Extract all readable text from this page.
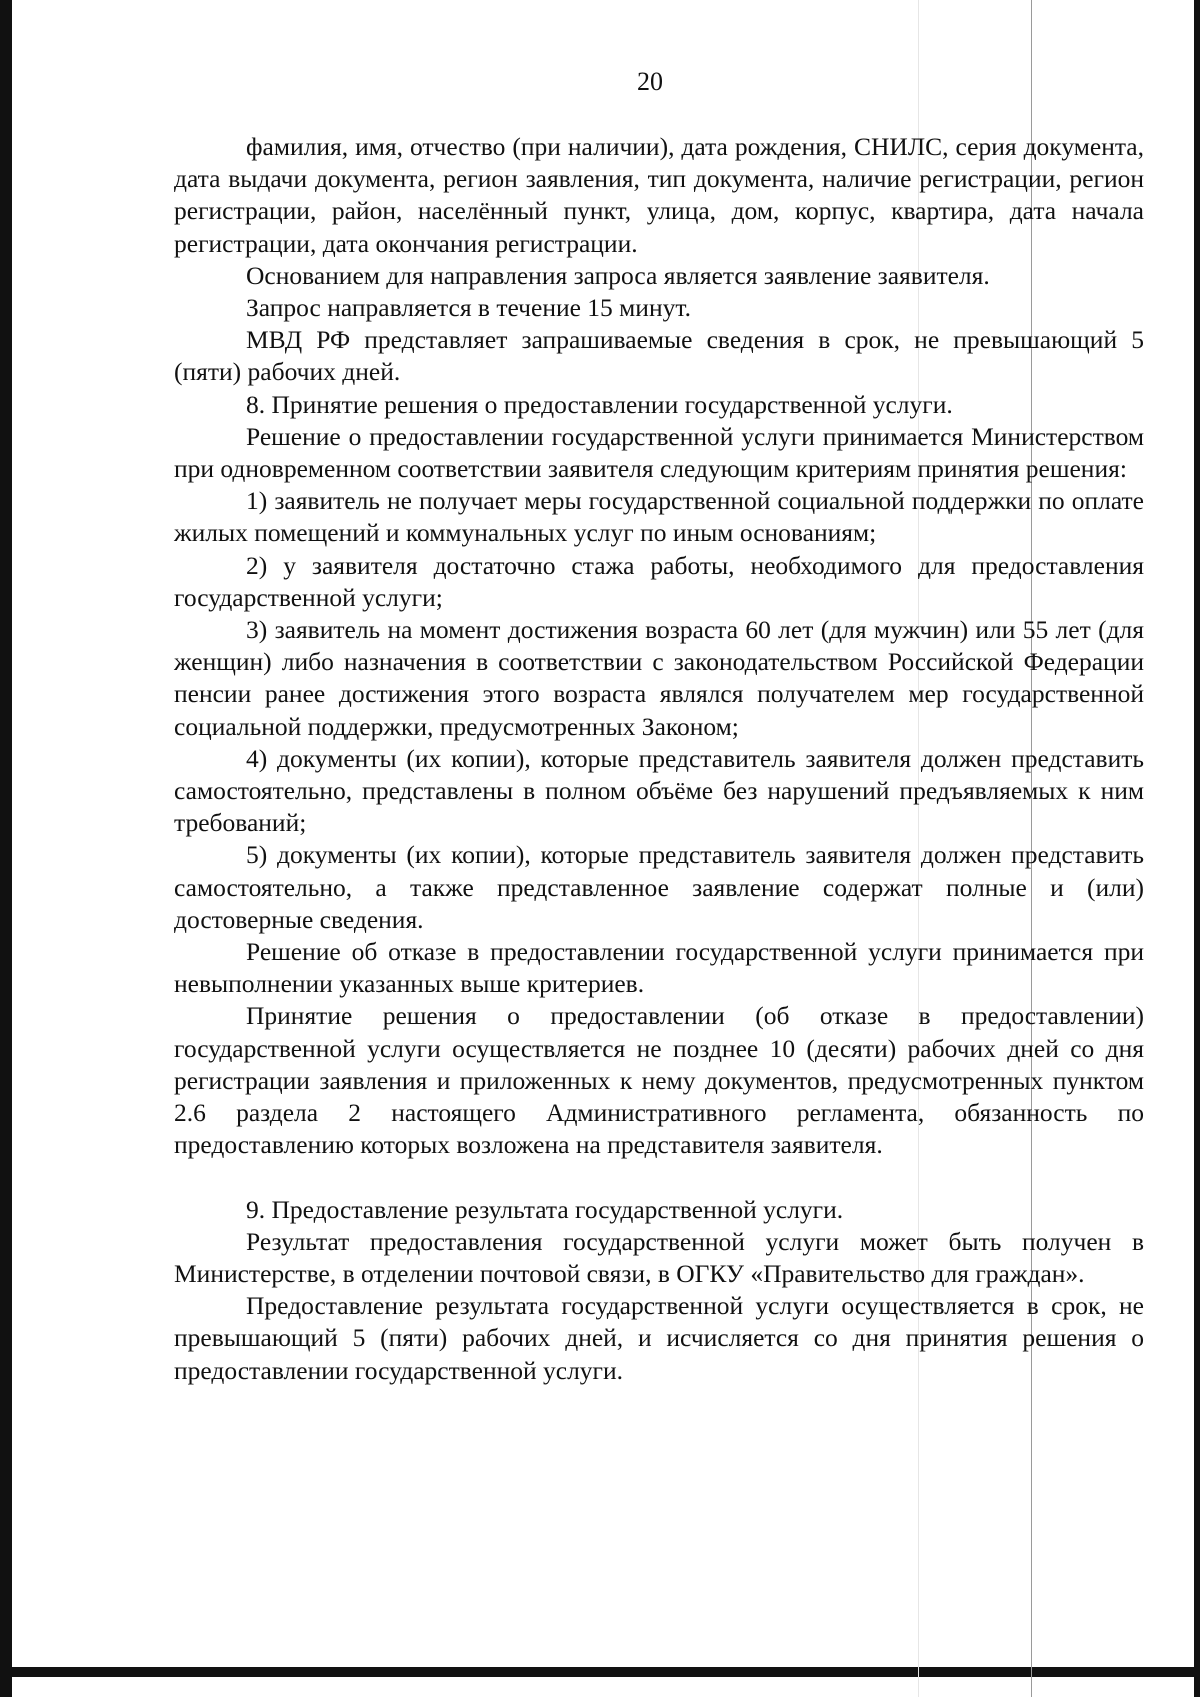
20

фамилия, имя, отчество (при наличии), дата рождения, СНИЛС, серия документа, дата выдачи документа, регион заявления, тип документа, наличие регистрации, регион регистрации, район, населённый пункт, улица, дом, корпус, квартира, дата начала регистрации, дата окончания регистрации.

Основанием для направления запроса является заявление заявителя.

Запрос направляется в течение 15 минут.

МВД РФ представляет запрашиваемые сведения в срок, не превышающий 5 (пяти) рабочих дней.

8. Принятие решения о предоставлении государственной услуги.

Решение о предоставлении государственной услуги принимается Министерством при одновременном соответствии заявителя следующим критериям принятия решения:

1) заявитель не получает меры государственной социальной поддержки по оплате жилых помещений и коммунальных услуг по иным основаниям;

2) у заявителя достаточно стажа работы, необходимого для предоставления государственной услуги;

3) заявитель на момент достижения возраста 60 лет (для мужчин) или 55 лет (для женщин) либо назначения в соответствии с законодательством Российской Федерации пенсии ранее достижения этого возраста являлся получателем мер государственной социальной поддержки, предусмотренных Законом;

4) документы (их копии), которые представитель заявителя должен представить самостоятельно, представлены в полном объёме без нарушений предъявляемых к ним требований;

5) документы (их копии), которые представитель заявителя должен представить самостоятельно, а также представленное заявление содержат полные и (или) достоверные сведения.

Решение об отказе в предоставлении государственной услуги принимается при невыполнении указанных выше критериев.

Принятие решения о предоставлении (об отказе в предоставлении) государственной услуги осуществляется не позднее 10 (десяти) рабочих дней со дня регистрации заявления и приложенных к нему документов, предусмотренных пунктом 2.6 раздела 2 настоящего Административного регламента, обязанность по предоставлению которых возложена на представителя заявителя.

9. Предоставление результата государственной услуги.

Результат предоставления государственной услуги может быть получен в Министерстве, в отделении почтовой связи, в ОГКУ «Правительство для граждан».

Предоставление результата государственной услуги осуществляется в срок, не превышающий 5 (пяти) рабочих дней, и исчисляется со дня принятия решения о предоставлении государственной услуги.
